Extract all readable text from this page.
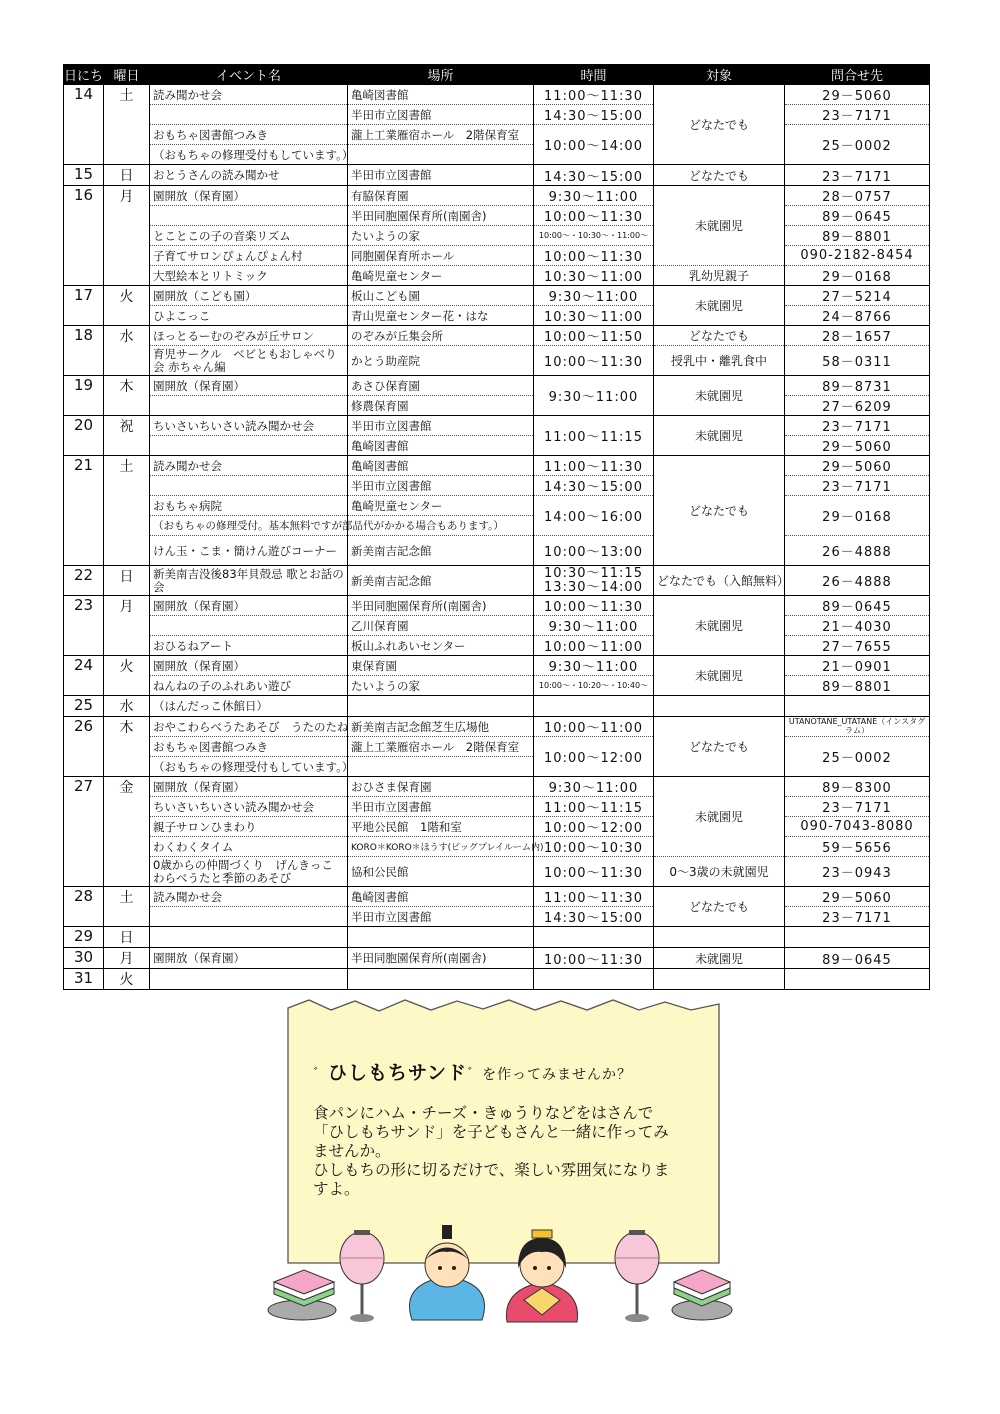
日にち	曜日	イベント名	場所	時間	対象	問合せ先
14	土	読み聞かせ会	亀崎図書館	11:00～11:30	どなたでも	29－5060
			半田市立図書館	14:30～15:00		23－7171
		おもちゃ図書館つみき	瀧上工業雁宿ホール　2階保育室	10:00～14:00		25－0002
		（おもちゃの修理受付もしています。）				
15	日	おとうさんの読み聞かせ	半田市立図書館	14:30～15:00	どなたでも	23－7171
16	月	園開放（保育園）	有脇保育園	9:30～11:00	未就園児	28－0757
			半田同胞園保育所(南園舎)	10:00～11:30		89－0645
		とことこの子の音楽リズム	たいようの家	10:00～・10:30～・11:00～		89－8801
		子育てサロンぴょんぴょん村	同胞園保育所ホール	10:00～11:30		090-2182-8454
		大型絵本とリトミック	亀崎児童センター	10:30～11:00	乳幼児親子	29－0168
17	火	園開放（こども園）	板山こども園	9:30～11:00	未就園児	27－5214
		ひよこっこ	青山児童センター花・はな	10:30～11:00		24－8766
18	水	ほっとるーむのぞみが丘サロン	のぞみが丘集会所	10:00～11:50	どなたでも	28－1657
		育児サークル　ベビともおしゃべり会 赤ちゃん編	かとう助産院	10:00～11:30	授乳中・離乳食中	58－0311
19	木	園開放（保育園）	あさひ保育園	9:30～11:00	未就園児	89－8731
			修農保育園			27－6209
20	祝	ちいさいちいさい読み聞かせ会	半田市立図書館	11:00～11:15	未就園児	23－7171
			亀崎図書館			29－5060
21	土	読み聞かせ会	亀崎図書館	11:00～11:30	どなたでも	29－5060
			半田市立図書館	14:30～15:00		23－7171
		おもちゃ病院	亀崎児童センター	14:00～16:00		29－0168
		（おもちゃの修理受付。基本無料ですが部品代がかかる場合もあります。）				
		けん玉・こま・簡けん遊びコーナー	新美南吉記念館	10:00～13:00		26－4888
22	日	新美南吉没後83年貝殻忌 歌とお話の会	新美南吉記念館	10:30～11:15 13:30～14:00	どなたでも（入館無料）	26－4888
23	月	園開放（保育園）	半田同胞園保育所(南園舎)	10:00～11:30	未就園児	89－0645
			乙川保育園	9:30～11:00		21－4030
		おひるねアート	板山ふれあいセンター	10:00～11:00		27－7655
24	火	園開放（保育園）	東保育園	9:30～11:00	未就園児	21－0901
		ねんねの子のふれあい遊び	たいようの家	10:00～・10:20～・10:40～		89－8801
25	水	（はんだっこ休館日）				
26	木	おやこわらべうたあそび　うたのたね	新美南吉記念館芝生広場他	10:00～11:00	どなたでも	UTANOTANE_UTATANE（インスタグラム）
		おもちゃ図書館つみき	瀧上工業雁宿ホール　2階保育室	10:00～12:00		25－0002
		（おもちゃの修理受付もしています。）				
27	金	園開放（保育園）	おひさま保育園	9:30～11:00	未就園児	89－8300
		ちいさいちいさい読み聞かせ会	半田市立図書館	11:00～11:15		23－7171
		親子サロンひまわり	平地公民館　1階和室	10:00～12:00		090-7043-8080
		わくわくタイム	KORO＊KORO＊ほうす(ビッグプレイルーム内)	10:00～10:30		59－5656
		0歳からの仲間づくり　げんきっこ わらべうたと季節のあそび	協和公民館	10:00～11:30	0～3歳の未就園児	23－0943
28	土	読み聞かせ会	亀崎図書館	11:00～11:30	どなたでも	29－5060
			半田市立図書館	14:30～15:00		23－7171
29	日					
30	月	園開放（保育園）	半田同胞園保育所(南園舎)	10:00～11:30	未就園児	89－0645
31	火					
゛ひしもちサンド゛を作ってみませんか？
食パンにハム・チーズ・きゅうりなどをはさんで
「ひしもちサンド」を子どもさんと一緒に作ってみ
ませんか。
ひしもちの形に切るだけで、楽しい雰囲気になりま
すよ。
